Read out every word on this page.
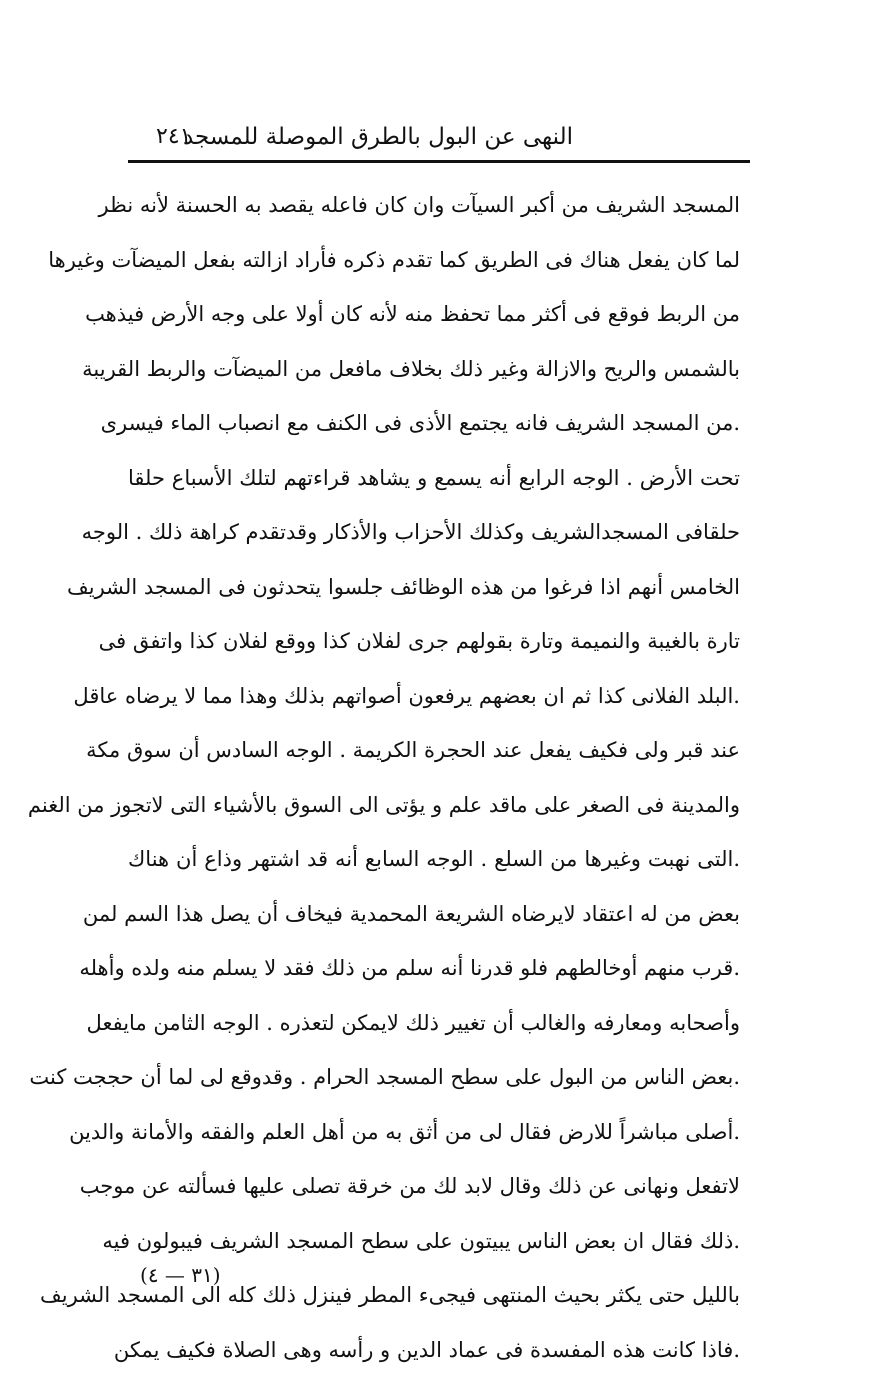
النهى عن البول بالطرق الموصلة للمسجد
٢٤١
المسجد الشريف من أكبر السيآت وان كان فاعله يقصد به الحسنة لأنه نظر
لما كان يفعل هناك فى الطريق كما تقدم ذكره فأراد ازالته بفعل الميضآت وغيرها
من الربط فوقع فى أكثر مما تحفظ منه لأنه كان أولا على وجه الأرض فيذهب
بالشمس والريح والازالة وغير ذلك بخلاف مافعل من الميضآت والربط القريبة
.من المسجد الشريف فانه يجتمع الأذى فى الكنف مع انصباب الماء فيسرى
تحت الأرض . الوجه الرابع أنه يسمع و يشاهد قراءتهم لتلك الأسباع حلقا
حلقافى المسجدالشريف وكذلك الأحزاب والأذكار وقدتقدم كراهة ذلك . الوجه
الخامس أنهم اذا فرغوا من هذه الوظائف جلسوا يتحدثون فى المسجد الشريف
تارة بالغيبة والنميمة وتارة بقولهم جرى لفلان كذا ووقع لفلان كذا واتفق فى
.البلد الفلانى كذا ثم ان بعضهم يرفعون أصواتهم بذلك وهذا مما لا يرضاه عاقل
عند قبر ولى فكيف يفعل عند الحجرة الكريمة . الوجه السادس أن سوق مكة
والمدينة فى الصغر على ماقد علم و يؤتى الى السوق بالأشياء التى لاتجوز من الغنم
.التى نهبت وغيرها من السلع . الوجه السابع أنه قد اشتهر وذاع أن هناك
بعض من له اعتقاد لايرضاه الشريعة المحمدية فيخاف أن يصل هذا السم لمن
.قرب منهم أوخالطهم فلو قدرنا أنه سلم من ذلك فقد لا يسلم منه ولده وأهله
وأصحابه ومعارفه والغالب أن تغيير ذلك لايمكن لتعذره . الوجه الثامن مايفعل
.بعض الناس من البول على سطح المسجد الحرام . وقدوقع لى لما أن حججت كنت
.أصلى مباشراً للارض فقال لى من أثق به من أهل العلم والفقه والأمانة والدين
لاتفعل ونهانى عن ذلك وقال لابد لك من خرقة تصلى عليها فسألته عن موجب
.ذلك فقال ان بعض الناس يبيتون على سطح المسجد الشريف فيبولون فيه
بالليل حتى يكثر بحيث المنتهى فيجىء المطر فينزل ذلك كله الى المسجد الشريف
.فاذا كانت هذه المفسدة فى عماد الدين و رأسه وهى الصلاة فكيف يمكن
(٣١ — ٤)
